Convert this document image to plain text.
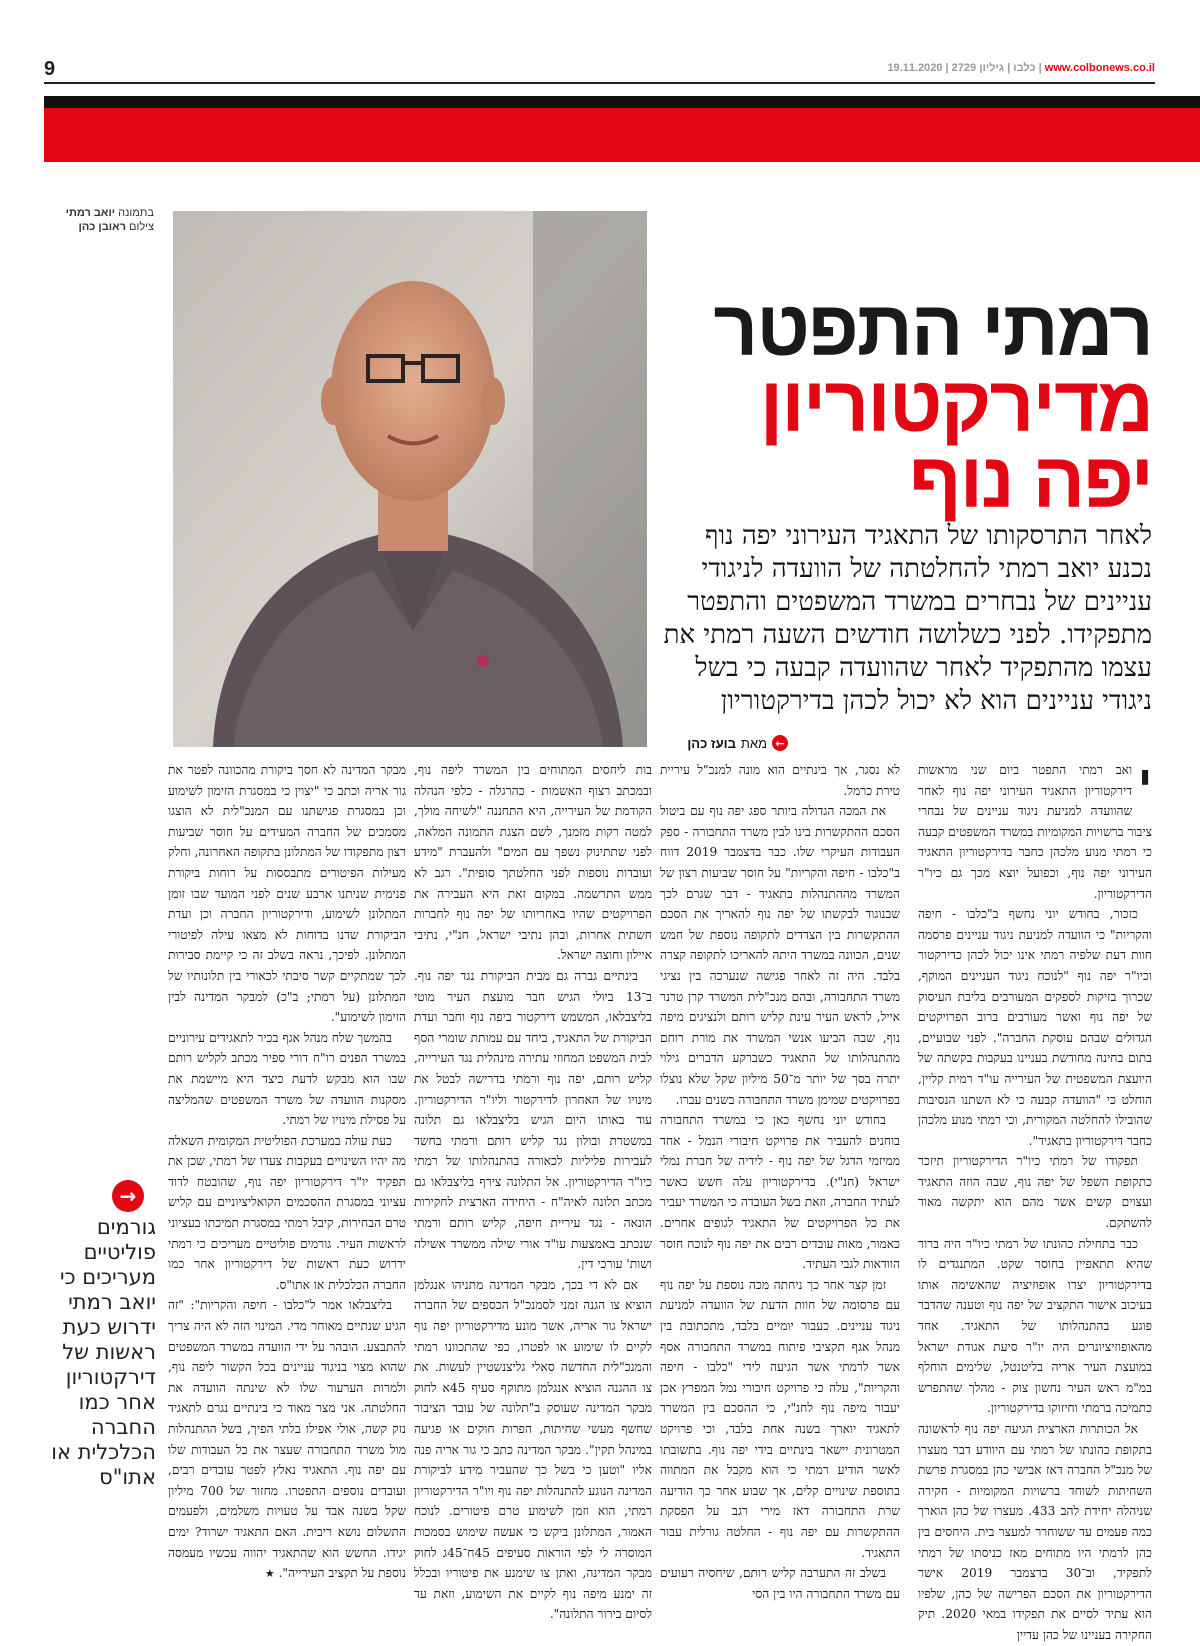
9	www.colbonews.co.il | כלבו | גיליון 2729 | 19.11.2020
בתמונה יואב רמתי
צילום ראובן כהן
רמתי התפטר
מדירקטוריון
יפה נוף
לאחר התרסקותו של התאגיד העירוני יפה נוף נכנע יואב רמתי להחלטתה של הוועדה לניגודי עניינים של נבחרים במשרד המשפטים והתפטר מתפקידו. לפני כשלושה חודשים השעה רמתי את עצמו מהתפקיד לאחר שהוועדה קבעה כי בשל ניגודי עניינים הוא לא יכול לכהן בדירקטוריון
←
מאת
בועז כהן

י
ואב רמתי התפטר ביום שני מראשות דירקטוריון התאגיד העירוני יפה נוף לאחר שהוועדה למניעת ניגוד עניינים של נבחרי ציבור ברשויות המקומיות במשרד המשפטים קבעה כי רמתי מנוע מלכהן כחבר בדירקטוריון התאגיד העירוני יפה נוף, וכפועל יוצא מכך גם כיו"ר הדירקטוריון.

כזכור, בחודש יוני נחשף ב"כלבו - חיפה והקריות" כי הוועדה למניעת ניגוד עניינים פרסמה חוות דעת שלפיה רמתי אינו יכול לכהן כדירקטור וכיו"ר יפה נוף "לנוכח ניגוד העניינים המוקף, שכרוך בזיקות לספקים המעורבים בליבת העיסוק של יפה נוף ואשר מעורבים ברוב הפרויקטים הגדולים שבהם עוסקת החברה". לפני שבועיים, בתום בחינה מחודשת בעניינו בעקבות בקשתה של היועצת המשפטית של העירייה עו"ד רמית קליין, הוחלט כי "הוועדה קבעה כי לא השתנו הנסיבות שהובילו להחלטה המקורית, וכי רמתי מנוע מלכהן כחבר דירקטוריון בתאגיד".

תפקודו של רמתי כיו"ר הדירקטוריון תיזכר כתקופת השפל של יפה נוף, שבה הוזה התאגיד ועצוים קשים אשר מהם הוא יתקשה מאוד להשתקם.

כבר בתחילת כהונתו של רמתי כיו"ר היה ברור שהיא תתאפיין בחוסר שקט. המתנגדים לו בדירקטוריון יצרו אופוזיציה שהאשימה אותו בעיכוב אישור התקציב של יפה נוף וטענה שהדבר פוגע בהתנהלותו של התאגיד. אחד מהאופוזיציונרים היה יו"ר סיעת אגודת ישראל במועצת העיר אריה בליטנטל, שלימים הוחלף במ"מ ראש העיר נחשון צוק - מהלך שהתפרש כתמיכה ברמתי וחיזוקו בדירקטוריון.

אל הכותרות הארצית הגיעה יפה נוף לראשונה בתקופת כהונתו של רמתי עם היוודע דבר מעצרו של מנכ"ל החברה דאז אבישי כהן במסגרת פרשת השחיתות לשוחד ברשויות המקומיות - חקירה שניהלה יחידת להב 433. מעצרו של כהן הוארך כמה פעמים עד ששוחרר למעצר בית. היחסים בין כהן לרמתי היו מתוחים מאז כניסתו של רמתי לתפקיד, וב־30 בדצמבר 2019 אישר הדירקטוריון את הסכם הפרישה של כהן, שלפיו הוא עתיד לסיים את תפקידו במאי 2020. תיק החקירה בעניינו של כהן עדיין

לא נסגר, אך בינתיים הוא מונה למנכ"ל עיריית טירת כרמל.

את המכה הגדולה ביותר ספג יפה נוף עם ביטול הסכם ההתקשרות בינו לבין משרד התחבורה - ספק העבודות העיקרי שלו. כבר בדצמבר 2019 דווח ב"כלבו - חיפה והקריות" על חוסר שביעות רצון של המשרד מההתנהלות בתאגיד - דבר שגרם לכך שבנוגוד לבקשתו של יפה נוף להאריך את הסכם ההתקשרות בין הצדדים לתקופה נוספת של חמש שנים, הכוונה במשרד היתה להאריכו לתקופה קצרה בלבד. היה זה לאחר פגישה שנערכה בין נציגי משרד התחבורה, ובהם מנכ"לית המשרד קרן טרנר אייל, לראש העיר עינת קליש רותם ולנציגים מיפה נוף, שבה הביעו אנשי המשרד את מורת רוחם מהתנהלותו של התאגיד כשברקע הדברים גילוי יתרה בסך של יותר מ־50 מיליון שקל שלא נוצלו בפרויקטים שמימן משרד התחבורה בשנים עברו.

בחודש יוני נחשף כאן כי במשרד התחבורה בוחנים להעביר את פרויקט חיבורי הנמל - אחד ממיזמי הדגל של יפה נוף - לידיה של חברת נמלי ישראל (חנ"י). בדירקטוריון עלה חשש כאשר לעתיד החברה, וזאת בשל העובדה כי המשרד יעביר את כל הפרויקטים של התאגיד לגופים אחרים. כאמור, מאות עובדים רבים את יפה נוף לנוכח חוסר הוודאות לגבי העתיד.

זמן קצר אחר כך ניחתה מכה נוספת על יפה נוף עם פרסומה של חוות הדעת של הוועדה למניעת ניגוד עניינים. כעבור יומיים בלבד, מתכתובת בין מנהל אגף תקציבי פיתוח במשרד התחבורה אסף אשר לרמתי אשר הגיעה לידי "כלבו - חיפה והקריות", עלה כי פרויקט חיבורי נמל המפרץ אכן יעבור מיפה נוף לחנ"י, כי ההסכם בין המשרד לתאגיד יוארך בשנה אחת בלבד, וכי פרויקט המטרונית יישאר בינתיים בידי יפה נוף. בתשובתו לאשר הודיע רמתי כי הוא מקבל את המתווה בתוספת שינויים קלים, אך שבוע אחר כך הודיעה שרת התחבורה דאז מירי רגב על הפסקת ההתקשרות עם יפה נוף - החלטה גורלית עבור התאגיד.

בשלב זה התערבה קליש רותם, שיחסיה רעועים עם משרד התחבורה היו בין הסי

בות ליחסים המתוחים בין המשרד ליפה נוף, ובמכתב רצוף האשמות - כהרגלה - כלפי הנהלה הקודמת של העירייה, היא התחננה "לשיחה מולך, למטה רקות מזמנך, לשם הצגת התמונה המלאה, לפני שתתינוק נשפך עם המים" ולהעברת "מידע ועובדות נוספות לפני החלטתך סופית". רגב לא ממש התרשמה. במקום זאת היא העבירה את הפרויקטים שהיו באחריותו של יפה נוף לחברות חשתית אחרות, ובהן נתיבי ישראל, חנ"י, נתיבי איילון וחוצה ישראל.

בינתיים גברה גם מבית הביקורת נגד יפה נוף. ב־13 ביולי הגיש חבר מועצת העיר מוטי בליצבלאו, המשמש דירקטור ביפה נוף וחבר ועדת הביקורת של התאגיד, ביחד עם עמותת שומרי הסף לבית המשפט המחוזי עתירה מינהלית נגד העירייה, קליש רותם, יפה נוף ורמתי בדרישה לבטל את מינויו של האחרון לדירקטור וליו"ר הדירקטוריון. עוד באותו היום הגיש בליצבלאו גם תלונה במשטרת ובולון נגד קליש רותם ורמתי בחשד לעבירות פליליות לכאורה בהתנהלותו של רמתי כיו"ר הדירקטוריון. אל התלונה צירף בליצבלאו גם מכתב תלונה לאיה"ח - היחידה הארצית לחקירות הונאה - נגד עיריית חיפה, קליש רותם ורמתי שנכתב באמצעות עו"ד אורי שילה ממשרד אשילה ושות' עורכי דין.

אם לא די בכך, מבקר המדינה מתניהו אנגלמן הוציא צו הגנה זמני לסמנכ"ל הכספים של החברה ישראל גור אריה, אשר מונע מדירקטוריון יפה נוף לקיים לו שימוע או לפטרו, כפי שהתכוונו רמתי והמנכ"לית החדשה סאלי גליצנשטיין לעשות. את צו ההגנה הוציא אנגלמן מתוקף סעיף 45א לחוק מבקר המדינה שעוסק ב"תלונה של עובד הציבור שחשף מעשי שחיתות, הפרות חוקים או פגיעה במינהל תקין". מבקר המדינה כתב כי גור אריה פנה אליו "וטען כי בשל כך שהעביר מידע לביקורת המדינה הנוגע להתנהלות יפה נוף ויו"ר הדירקטוריון רמתי, הוא וזמן לשימוע טרם פיטורים. לנוכח האמור, המתלונן ביקש כי אעשה שימוש בסמכות המוסרה לי לפי הוראות סעיפים 45ח־45ג לחוק מבקר המדינה, ואתן צו שימנע את פיטוריו ובכלל זה ימנע מיפה נוף לקיים את השימוע, וזאת עד לסיום בירור התלונה".

מבקר המדינה לא חסך ביקורת מהכוונה לפטר את גור אריה וכתב כי "יצוין כי במסגרת הזימון לשימוע וכן במסגרת פגישתנו עם המנכ"לית לא הוצגו מסמכים של החברה המעידים על חוסר שביעות רצון מתפקודו של המתלונן בתקופה האחרונה, וחלק מעילות הפיטורים מתבססות על רוחות ביקורת פנימית שניתנו ארבע שנים לפני המועד שבו זומן המתלונן לשימוע, ודירקטוריון החברה וכן ועדת הביקורת שדנו בדוחות לא מצאו עילה לפיטורי המתלונן. לפיכך, נראה בשלב זה כי קיימת סבירות לכך שמתקיים קשר סיבתי לכאורי בין תלונותיו של המתלונן (על רמתי; ב"כ) למבקר המדינה לבין הזימון לשימוע".

בהמשך שלח מנהל אגף בכיר לתאגידים עירוניים במשרד הפנים רו"ח דורי ספיר מכתב לקליש רותם שבו הוא מבקש לדעת כיצד היא מיישמת את מסקנות הוועדה של משרד המשפטים שהמליצה על פסילת מינויו של רמתי.

כעת עולה במערכת הפוליטית המקומית השאלה מה יהיו השינויים בעקבות צעדו של רמתי, שכן את תפקיד יו"ר דירקטוריון יפה נוף, שהובטח לדוד עציוני במסגרת ההסכמים הקואליציוניים עם קליש טרם הבחירות, קיבל רמתי במסגרת תמיכתו בעציוני לראשות העיר. גורמים פוליטיים מעריכים כי רמתי ידרוש כעת ראשות של דירקטוריון אחר כמו החברה הכלכלית או אתו"ס.

בליצבלאו אמר ל"כלבו - חיפה והקריות": "זה הגיע שנתיים מאוחר מדי. המינוי הזה לא היה צריך להתבצע. הובהר על ידי הוועדה במשרד המשפטים שהוא מצוי בניגוד עניינים בכל הקשור ליפה נוף, ולמרות הערעור שלו לא שינתה הוועדה את החלטתה. אני מצר מאוד כי בינתיים נגרם לתאגיד נזק קשה, אולי אפילו בלתי הפיך, בשל ההתנהלות מול משרד התחבורה שעצר את כל העבודות שלו עם יפה נוף. התאגיד נאלץ לפטר עובדים רבים, ועובדים נוספים התפטרו. מחזור של 700 מיליון שקל בשנה אבד על טעויות משלמים, ולפעמים התשלום נושא ריבית. האם התאגיד ישרוד? ימים יגידו. החשש הוא שהתאגיד יהווה עכשיו מעמסה נוספת על תקציב העירייה". ★

→
גורמים פוליטיים מעריכים כי יואב רמתי ידרוש כעת ראשות של דירקטוריון אחר כמו החברה הכלכלית או אתו"ס
